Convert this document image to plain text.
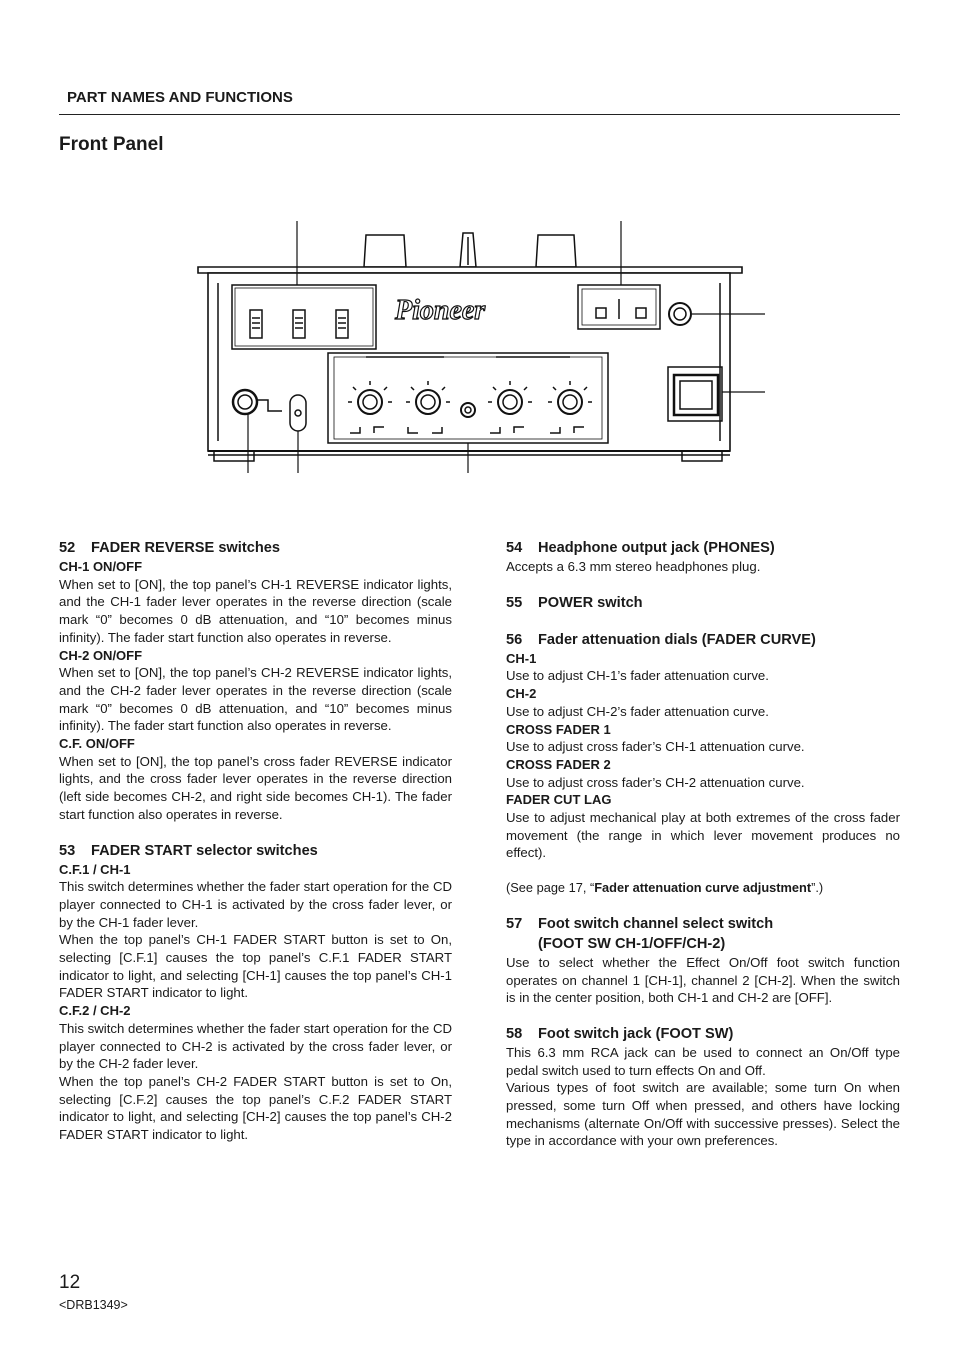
PART NAMES AND FUNCTIONS
Front Panel
Pioneer
52 FADER REVERSE switches
CH-1 ON/OFF

When set to [ON], the top panel’s CH-1 REVERSE indicator lights, and the CH-1 fader lever operates in the reverse direction (scale mark “0” becomes 0 dB attenuation, and “10” becomes minus infinity). The fader start function also operates in reverse.

CH-2 ON/OFF

When set to [ON], the top panel’s CH-2 REVERSE indicator lights, and the CH-2 fader lever operates in the reverse direction (scale mark “0” becomes 0 dB attenuation, and “10” becomes minus infinity). The fader start function also operates in reverse.

C.F. ON/OFF

When set to [ON], the top panel’s cross fader REVERSE indicator lights, and the cross fader lever operates in the reverse direction (left side becomes CH-2, and right side becomes CH-1). The fader start function also operates in reverse.

53 FADER START selector switches
C.F.1 / CH-1

This switch determines whether the fader start operation for the CD player connected to CH-1 is activated by the cross fader lever, or by the CH-1 fader lever.

When the top panel’s CH-1 FADER START button is set to On, selecting [C.F.1] causes the top panel’s C.F.1 FADER START indicator to light, and selecting [CH-1] causes the top panel’s CH-1 FADER START indicator to light.

C.F.2 / CH-2

This switch determines whether the fader start operation for the CD player connected to CH-2 is activated by the cross fader lever, or by the CH-2 fader lever.

When the top panel’s CH-2 FADER START button is set to On, selecting [C.F.2] causes the top panel’s C.F.2 FADER START indicator to light, and selecting [CH-2] causes the top panel’s CH-2 FADER START indicator to light.

54 Headphone output jack (PHONES)

Accepts a 6.3 mm stereo headphones plug.

55 POWER switch
56 Fader attenuation dials (FADER CURVE)
CH-1

Use to adjust CH-1’s fader attenuation curve.

CH-2

Use to adjust CH-2’s fader attenuation curve.

CROSS FADER 1

Use to adjust cross fader’s CH-1 attenuation curve.

CROSS FADER 2

Use to adjust cross fader’s CH-2 attenuation curve.

FADER CUT LAG

Use to adjust mechanical play at both extremes of the cross fader movement (the range in which lever movement produces no effect).

(See page 17, “Fader attenuation curve adjustment”.)

57 Foot switch channel select switch
(FOOT SW CH-1/OFF/CH-2)

Use to select whether the Effect On/Off foot switch function operates on channel 1 [CH-1], channel 2 [CH-2]. When the switch is in the center position, both CH-1 and CH-2 are [OFF].

58 Foot switch jack (FOOT SW)

This 6.3 mm RCA jack can be used to connect an On/Off type pedal switch used to turn effects On and Off.

Various types of foot switch are available; some turn On when pressed, some turn Off when pressed, and others have locking mechanisms (alternate On/Off with successive presses). Select the type in accordance with your own preferences.

12
<DRB1349>
